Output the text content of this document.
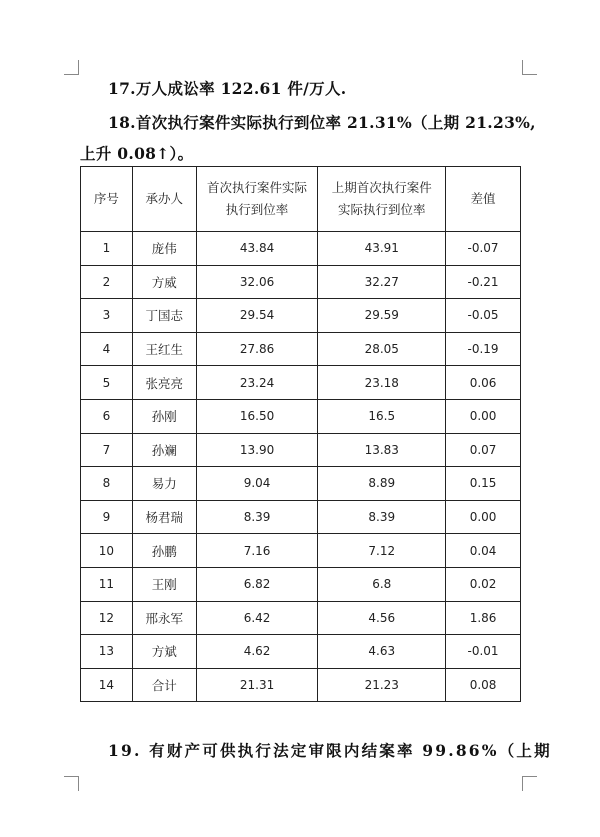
17.万人成讼率 122.61 件/万人.
18.首次执行案件实际执行到位率 21.31%（上期 21.23%,
上升 0.08↑）。
序号	承办人	首次执行案件实际
执行到位率	上期首次执行案件
实际执行到位率	差值
1	庞伟	43.84	43.91	-0.07
2	方威	32.06	32.27	-0.21
3	丁国志	29.54	29.59	-0.05
4	王红生	27.86	28.05	-0.19
5	张亮亮	23.24	23.18	0.06
6	孙刚	16.50	16.5	0.00
7	孙斓	13.90	13.83	0.07
8	易力	9.04	8.89	0.15
9	杨君瑞	8.39	8.39	0.00
10	孙鹏	7.16	7.12	0.04
11	王刚	6.82	6.8	0.02
12	邢永军	6.42	4.56	1.86
13	方斌	4.62	4.63	-0.01
14	合计	21.31	21.23	0.08
19. 有财产可供执行法定审限内结案率 99.86%（上期
